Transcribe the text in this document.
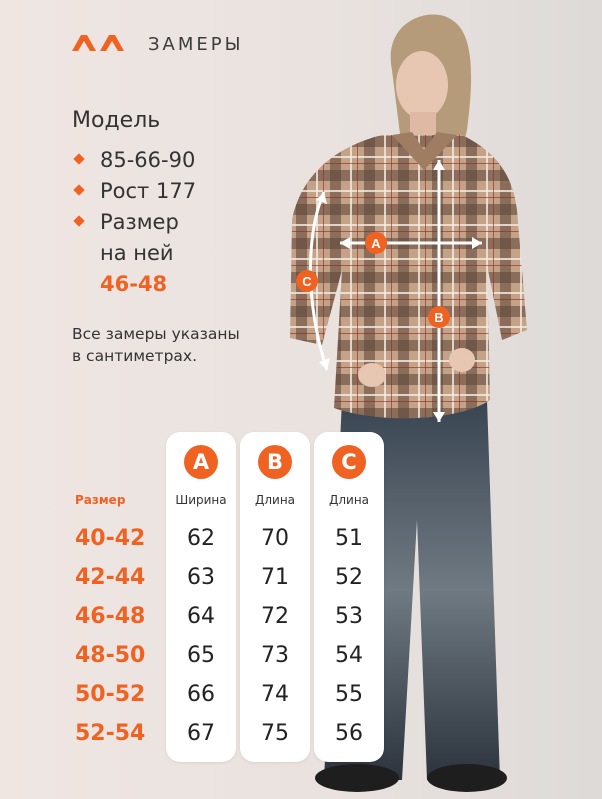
ЗАМЕРЫ
Модель
85-66-90
Рост 177
Размер
на ней
46-48
Все замеры указаны
в сантиметрах.
A
B
C
Размер
40-42
42-44
46-48
48-50
50-52
52-54
A
Ширина
62
63
64
65
66
67
B
Длина
70
71
72
73
74
75
C
Длина
51
52
53
54
55
56
